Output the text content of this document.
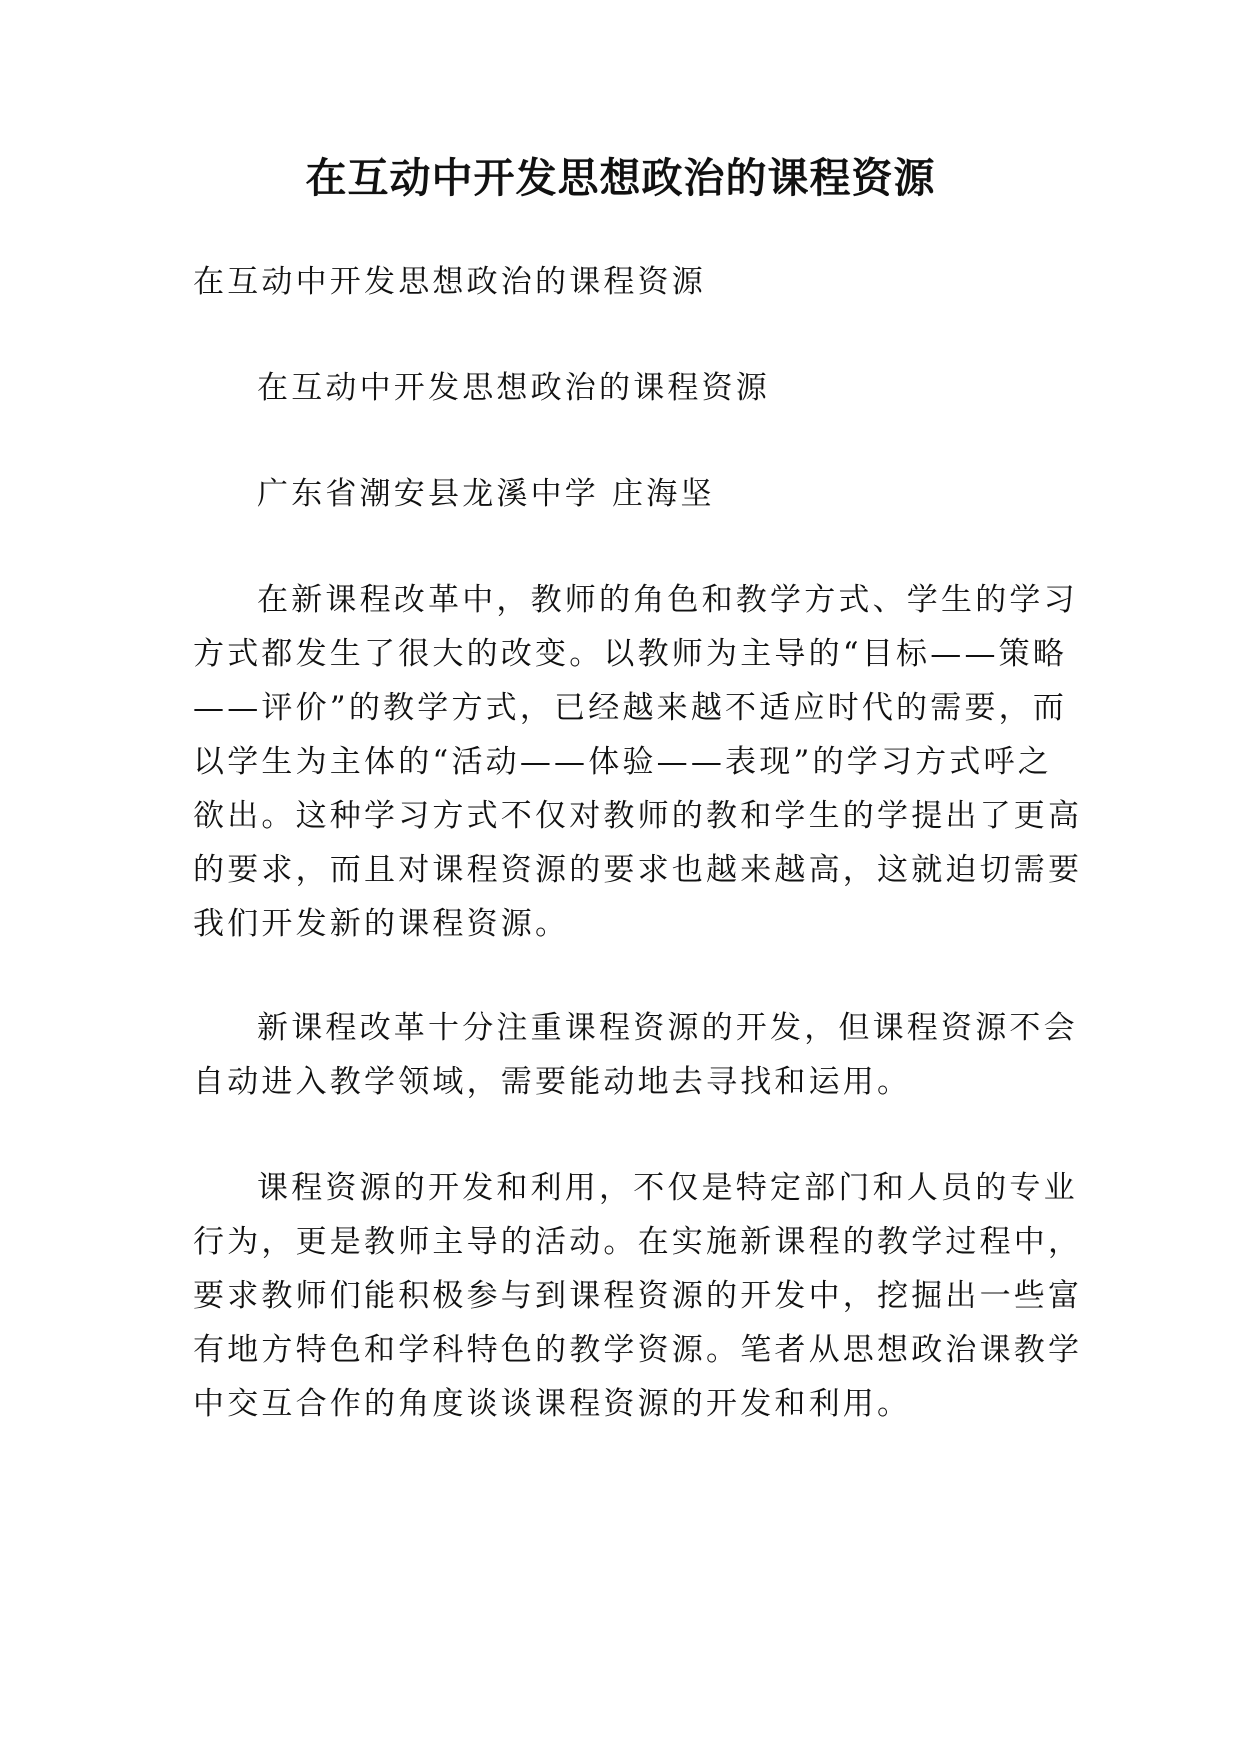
在互动中开发思想政治的课程资源

在互动中开发思想政治的课程资源

在互动中开发思想政治的课程资源

广东省潮安县龙溪中学 庄海坚

在新课程改革中，教师的角色和教学方式、学生的学习

方式都发生了很大的改变。以教师为主导的“目标——策略

——评价”的教学方式，已经越来越不适应时代的需要，而

以学生为主体的“活动——体验——表现”的学习方式呼之

欲出。这种学习方式不仅对教师的教和学生的学提出了更高

的要求，而且对课程资源的要求也越来越高，这就迫切需要

我们开发新的课程资源。

新课程改革十分注重课程资源的开发，但课程资源不会

自动进入教学领域，需要能动地去寻找和运用。

课程资源的开发和利用，不仅是特定部门和人员的专业

行为，更是教师主导的活动。在实施新课程的教学过程中，

要求教师们能积极参与到课程资源的开发中，挖掘出一些富

有地方特色和学科特色的教学资源。笔者从思想政治课教学

中交互合作的角度谈谈课程资源的开发和利用。
